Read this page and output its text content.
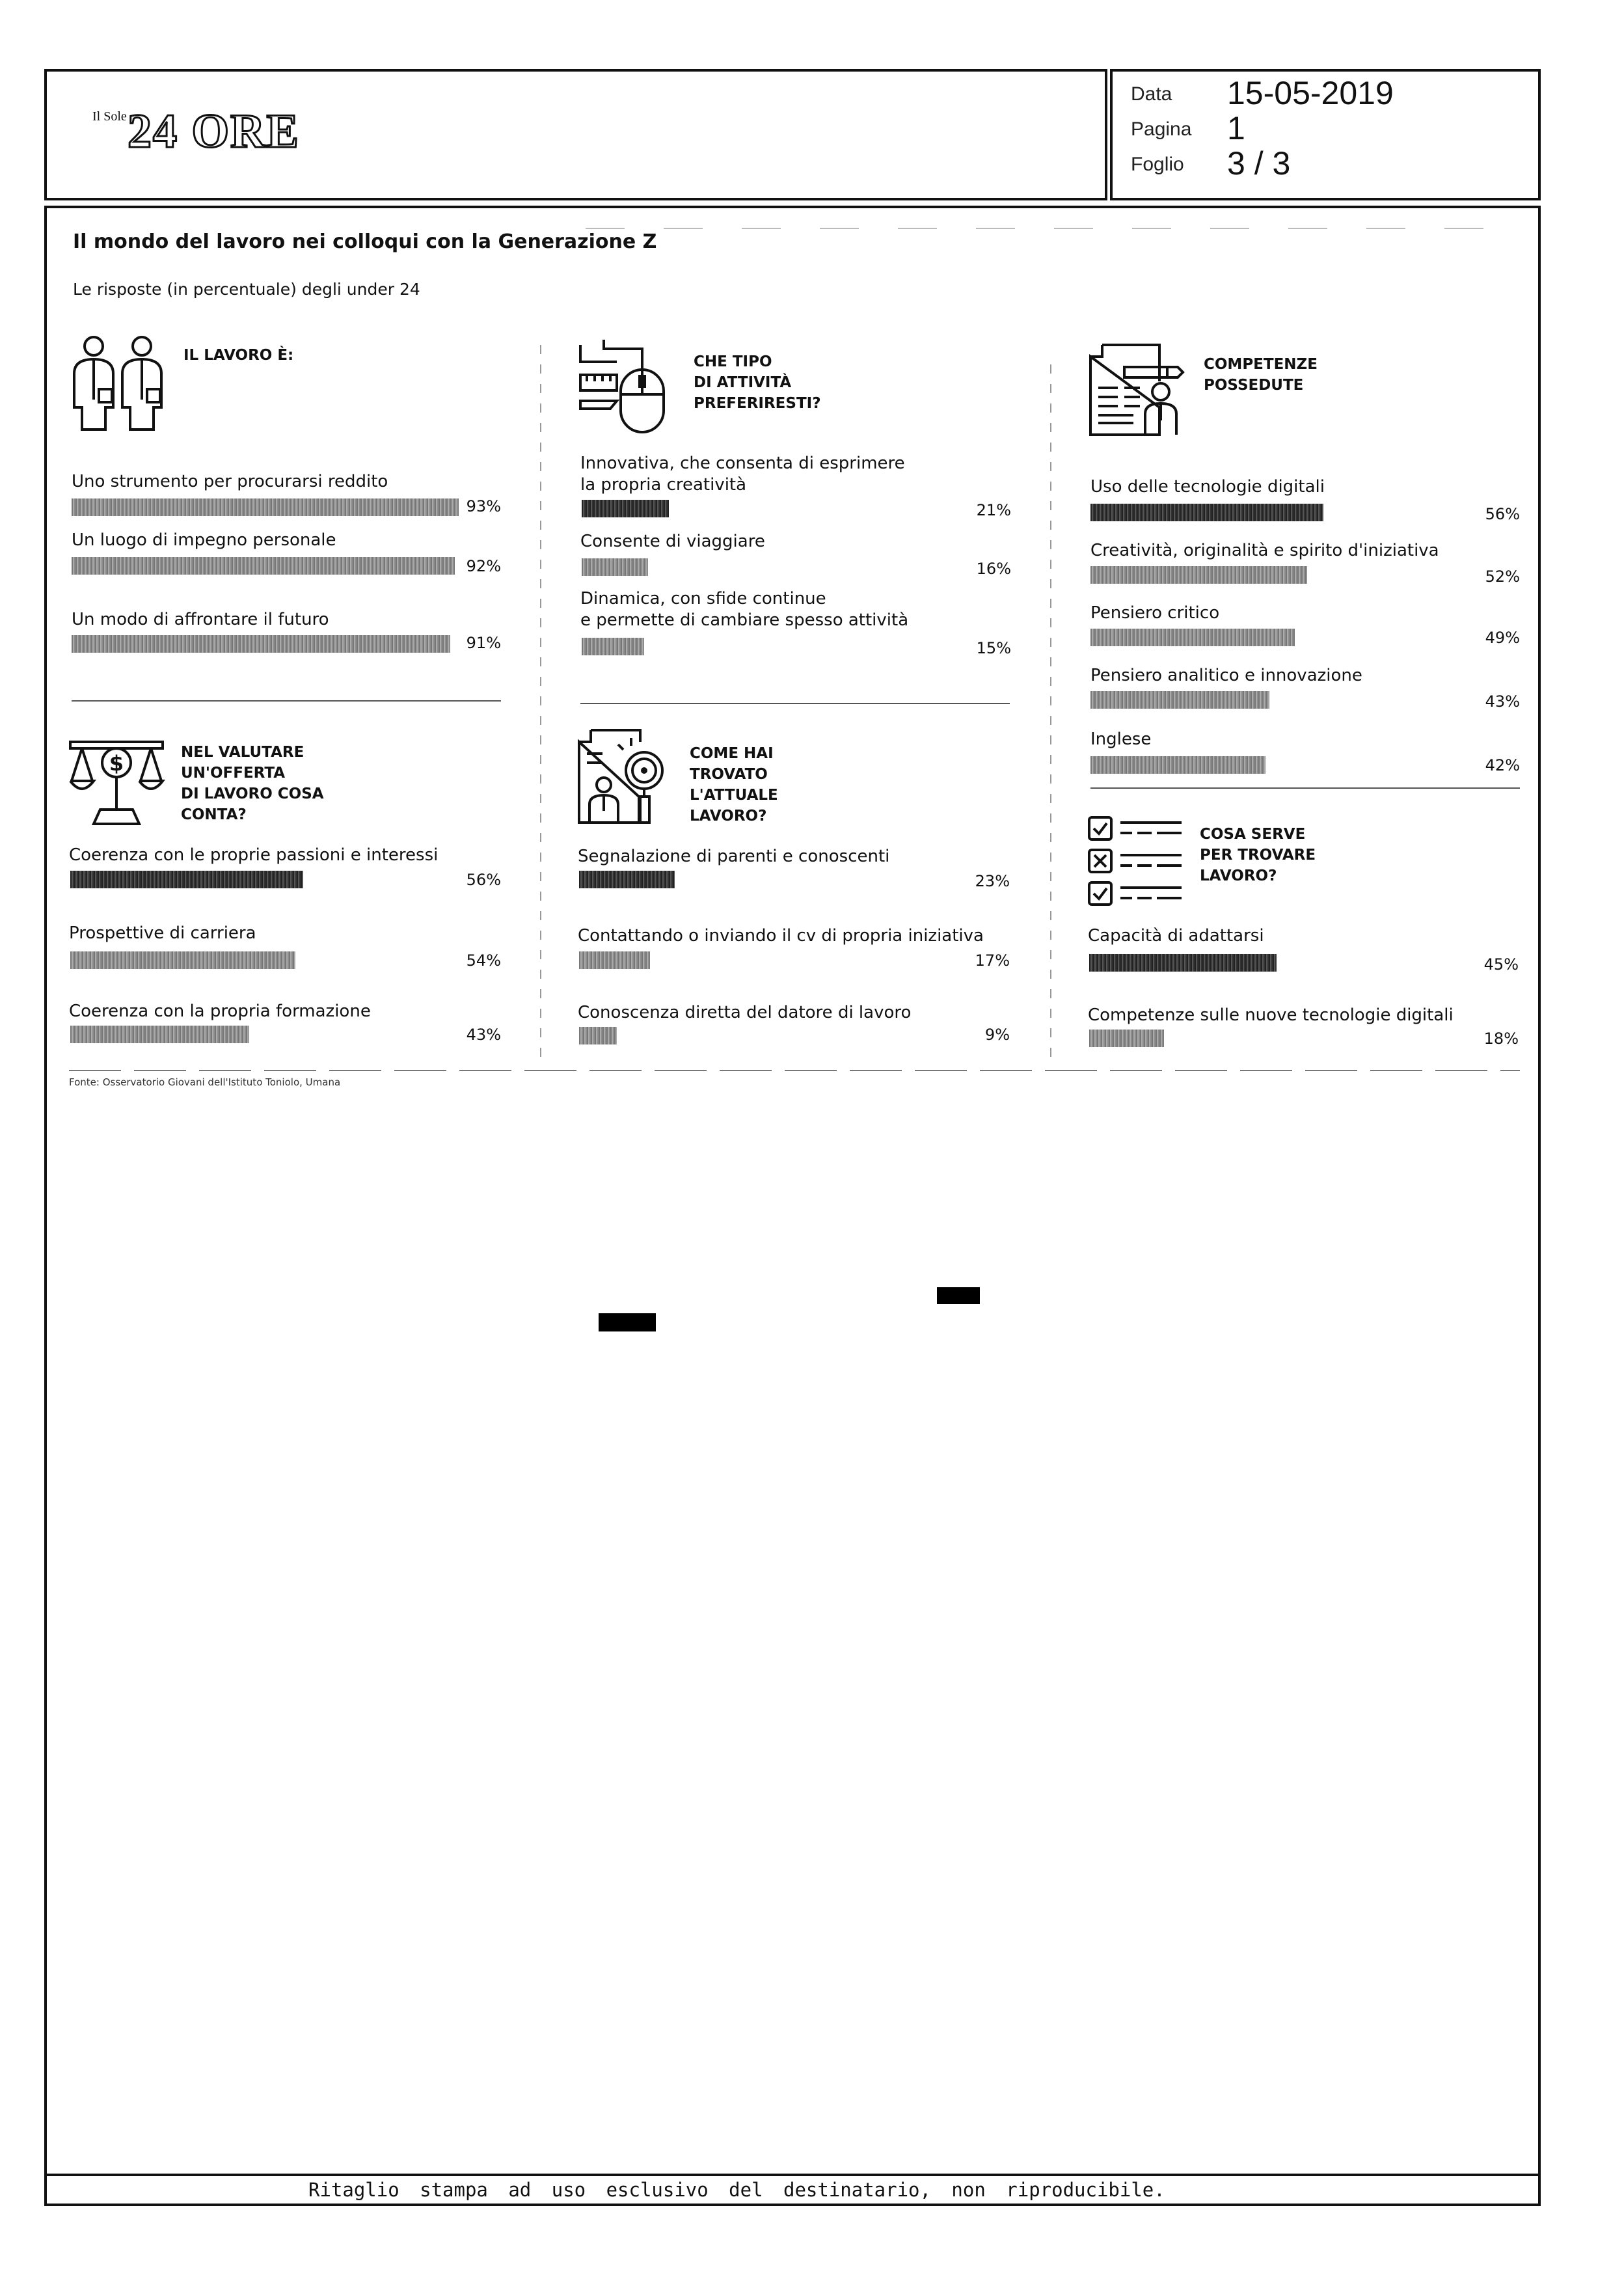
Il Sole 24 ORE
Data 15-05-2019
Pagina 1
Foglio 3 / 3
Il mondo del lavoro nei colloqui con la Generazione Z
Le risposte (in percentuale) degli under 24
IL LAVORO È:
Uno strumento per procurarsi reddito
93%
Un luogo di impegno personale
92%
Un modo di affrontare il futuro
91%
CHE TIPO
DI ATTIVITÀ
PREFERIRESTI?
Innovativa, che consenta di esprimere
la propria creatività
21%
Consente di viaggiare
16%
Dinamica, con sfide continue
e permette di cambiare spesso attività
15%
COMPETENZE
POSSEDUTE
Uso delle tecnologie digitali
56%
Creatività, originalità e spirito d'iniziativa
52%
Pensiero critico
49%
Pensiero analitico e innovazione
43%
Inglese
42%
$	NEL VALUTARE
UN'OFFERTA
DI LAVORO COSA
CONTA?
Coerenza con le proprie passioni e interessi
56%
Prospettive di carriera
54%
Coerenza con la propria formazione
43%
COME HAI
TROVATO
L'ATTUALE
LAVORO?
Segnalazione di parenti e conoscenti
23%
Contattando o inviando il cv di propria iniziativa
17%
Conoscenza diretta del datore di lavoro
9%
COSA SERVE
PER TROVARE
LAVORO?
Capacità di adattarsi
45%
Competenze sulle nuove tecnologie digitali
18%
Fonte: Osservatorio Giovani dell'Istituto Toniolo, Umana
Ritaglio stampa ad uso esclusivo del destinatario, non riproducibile.
